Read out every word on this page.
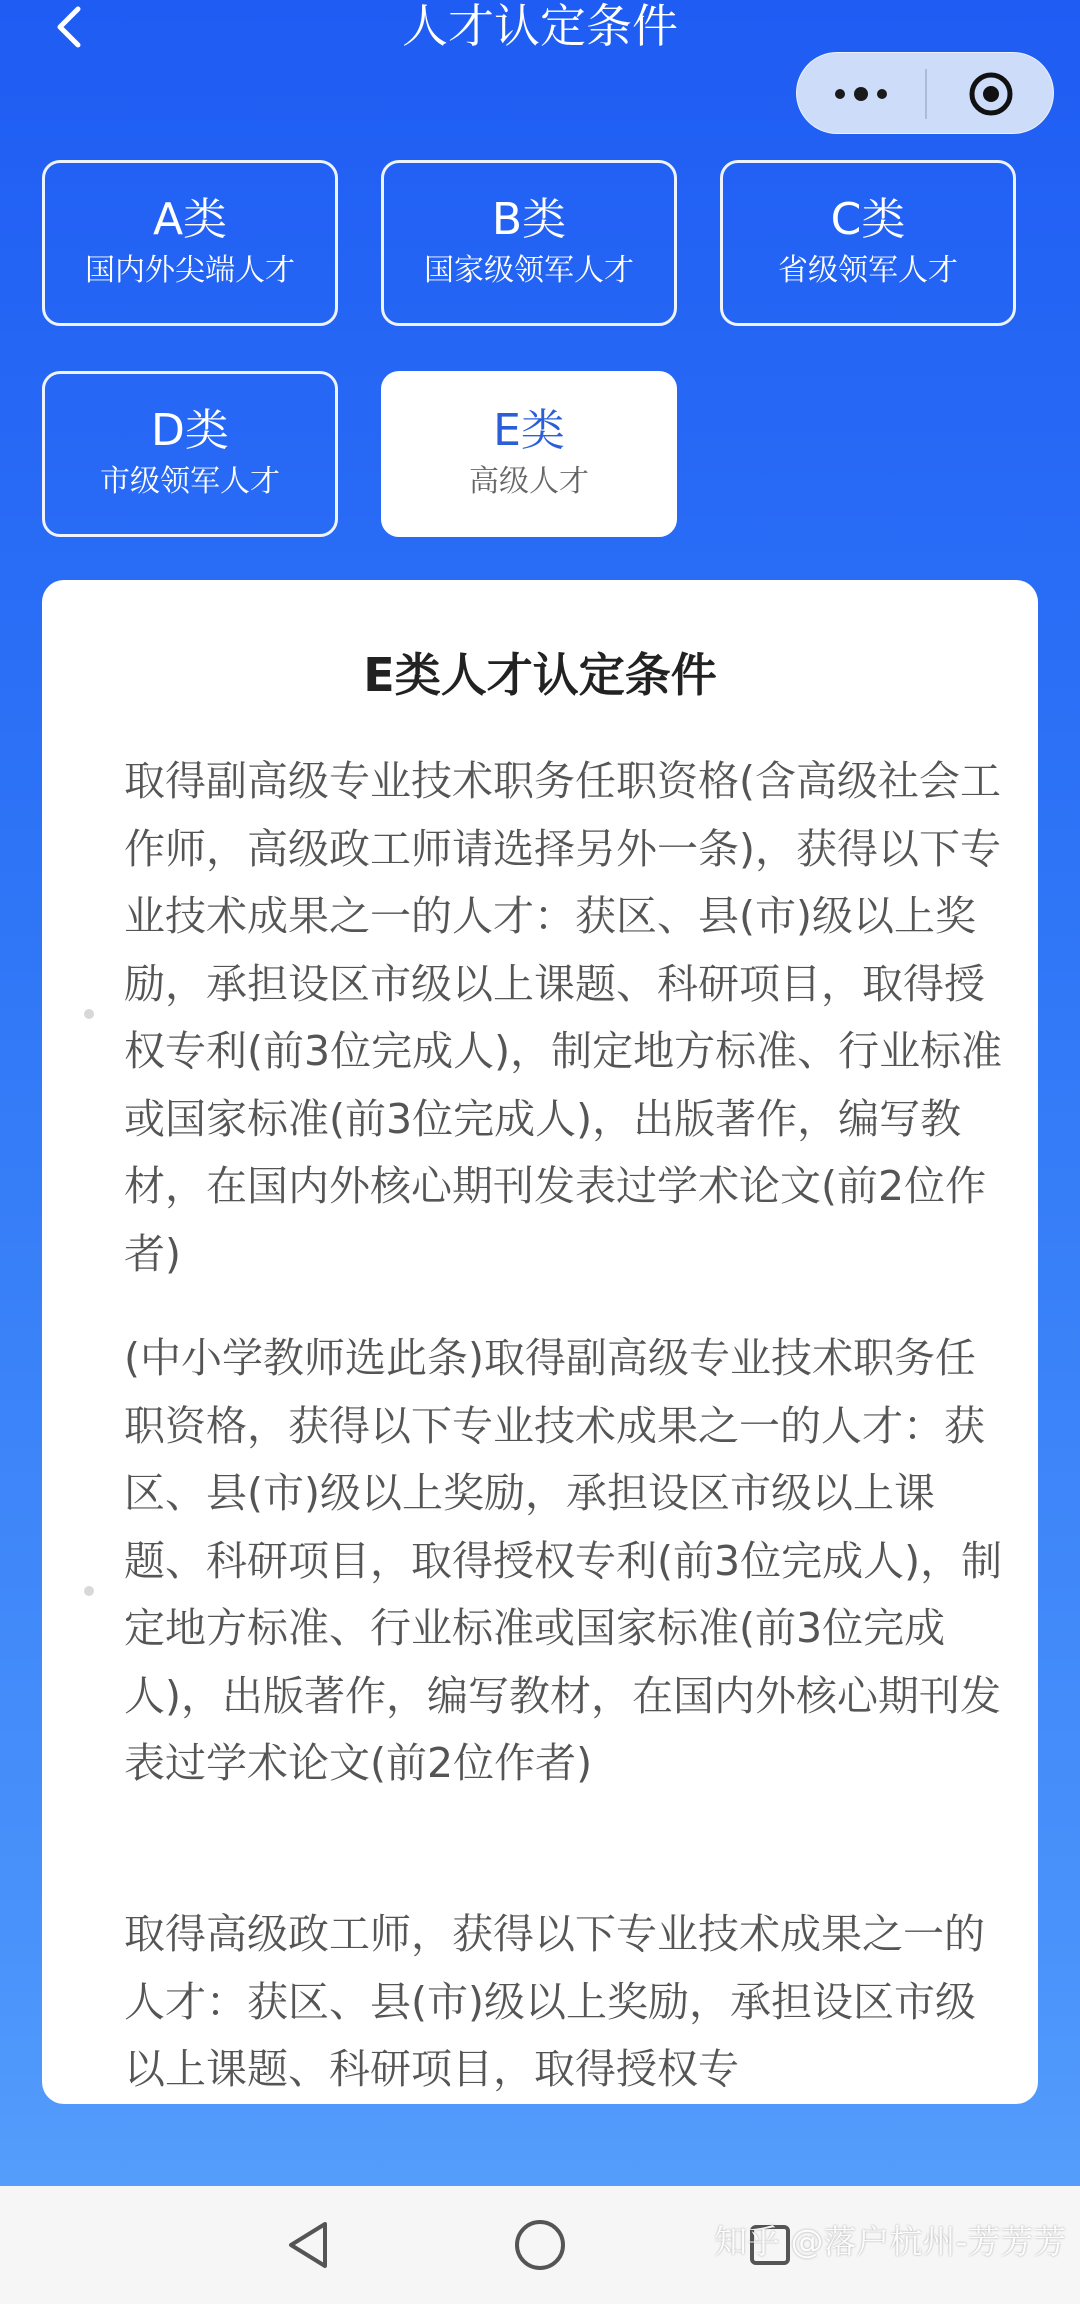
人才认定条件
A类
国内外尖端人才
B类
国家级领军人才
C类
省级领军人才
D类
市级领军人才
E类
高级人才
E类人才认定条件
取得副高级专业技术职务任职资格(含高级社会工作师，高级政工师请选择另外一条)，获得以下专业技术成果之一的人才：获区、县(市)级以上奖励，承担设区市级以上课题、科研项目，取得授权专利(前3位完成人)，制定地方标准、行业标准或国家标准(前3位完成人)，出版著作，编写教材，在国内外核心期刊发表过学术论文(前2位作者)
(中小学教师选此条)取得副高级专业技术职务任职资格，获得以下专业技术成果之一的人才：获区、县(市)级以上奖励，承担设区市级以上课题、科研项目，取得授权专利(前3位完成人)，制定地方标准、行业标准或国家标准(前3位完成人)，出版著作，编写教材，在国内外核心期刊发表过学术论文(前2位作者)
取得高级政工师，获得以下专业技术成果之一的人才：获区、县(市)级以上奖励，承担设区市级以上课题、科研项目，取得授权专
知乎 @落户杭州-芳芳芳
